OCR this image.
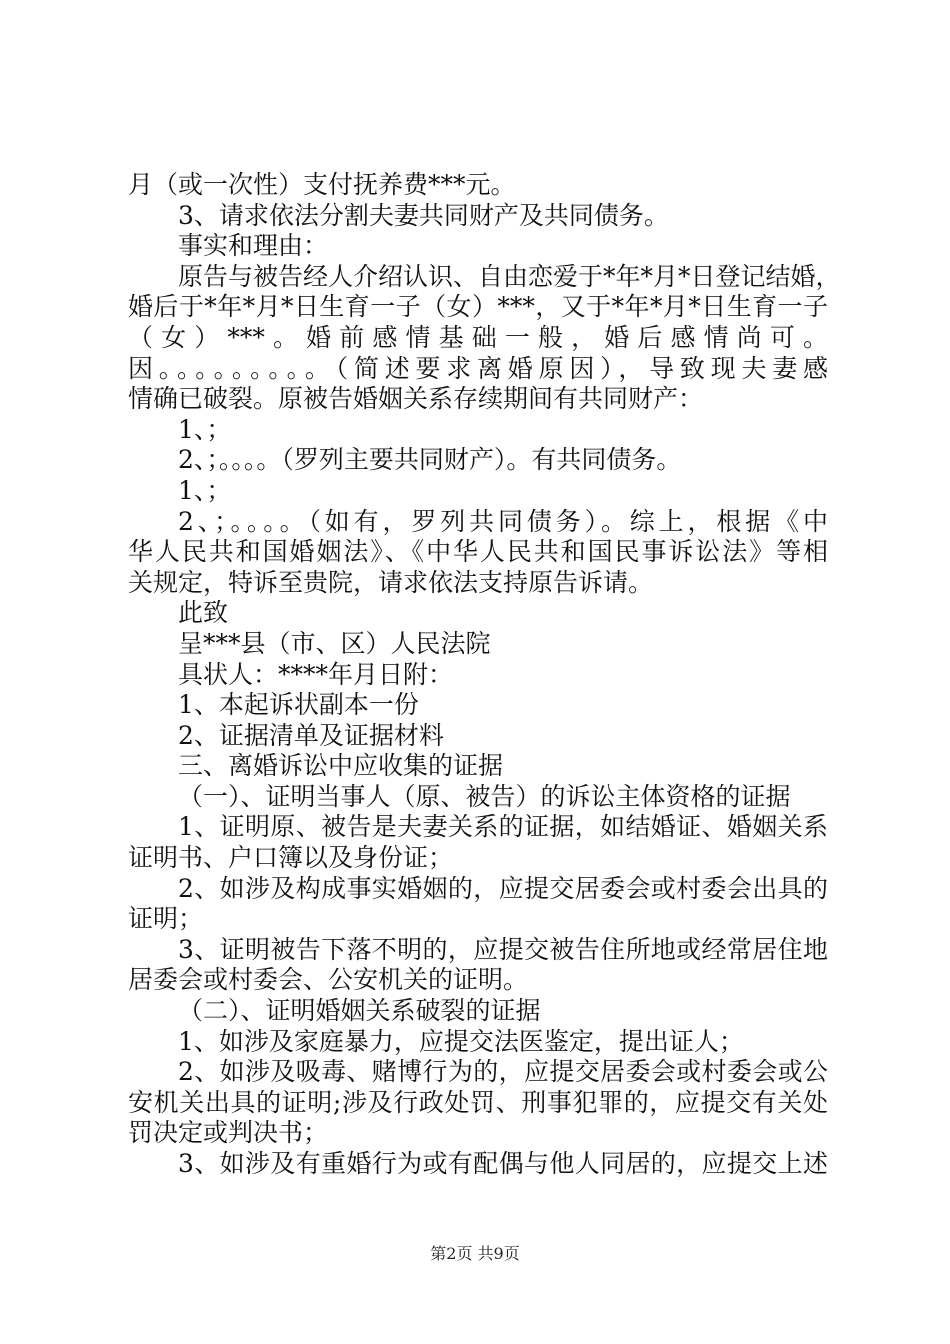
月（或一次性）支付抚养费***元。
3、请求依法分割夫妻共同财产及共同债务。
事实和理由：
原告与被告经人介绍认识、自由恋爱于*年*月*日登记结婚，
婚后于*年*月*日生育一子（女）***，又于*年*月*日生育一子
（女）***。婚前感情基础一般，婚后感情尚可。
因。。。。。。。。。（简述要求离婚原因），导致现夫妻感
情确已破裂。原被告婚姻关系存续期间有共同财产：
1、；
2、；。。。。（罗列主要共同财产）。有共同债务。
1、；
2、；。。。。（如有，罗列共同债务）。综上，根据《中
华人民共和国婚姻法》、《中华人民共和国民事诉讼法》等相
关规定，特诉至贵院，请求依法支持原告诉请。
此致
呈***县（市、区）人民法院
具状人：****年月日附：
1、本起诉状副本一份
2、证据清单及证据材料
三、离婚诉讼中应收集的证据
（一）、证明当事人（原、被告）的诉讼主体资格的证据
1、证明原、被告是夫妻关系的证据，如结婚证、婚姻关系
证明书、户口簿以及身份证；
2、如涉及构成事实婚姻的，应提交居委会或村委会出具的
证明；
3、证明被告下落不明的，应提交被告住所地或经常居住地
居委会或村委会、公安机关的证明。
（二）、证明婚姻关系破裂的证据
1、如涉及家庭暴力，应提交法医鉴定，提出证人；
2、如涉及吸毒、赌博行为的，应提交居委会或村委会或公
安机关出具的证明;涉及行政处罚、刑事犯罪的，应提交有关处
罚决定或判决书；
3、如涉及有重婚行为或有配偶与他人同居的，应提交上述
第2页 共9页
